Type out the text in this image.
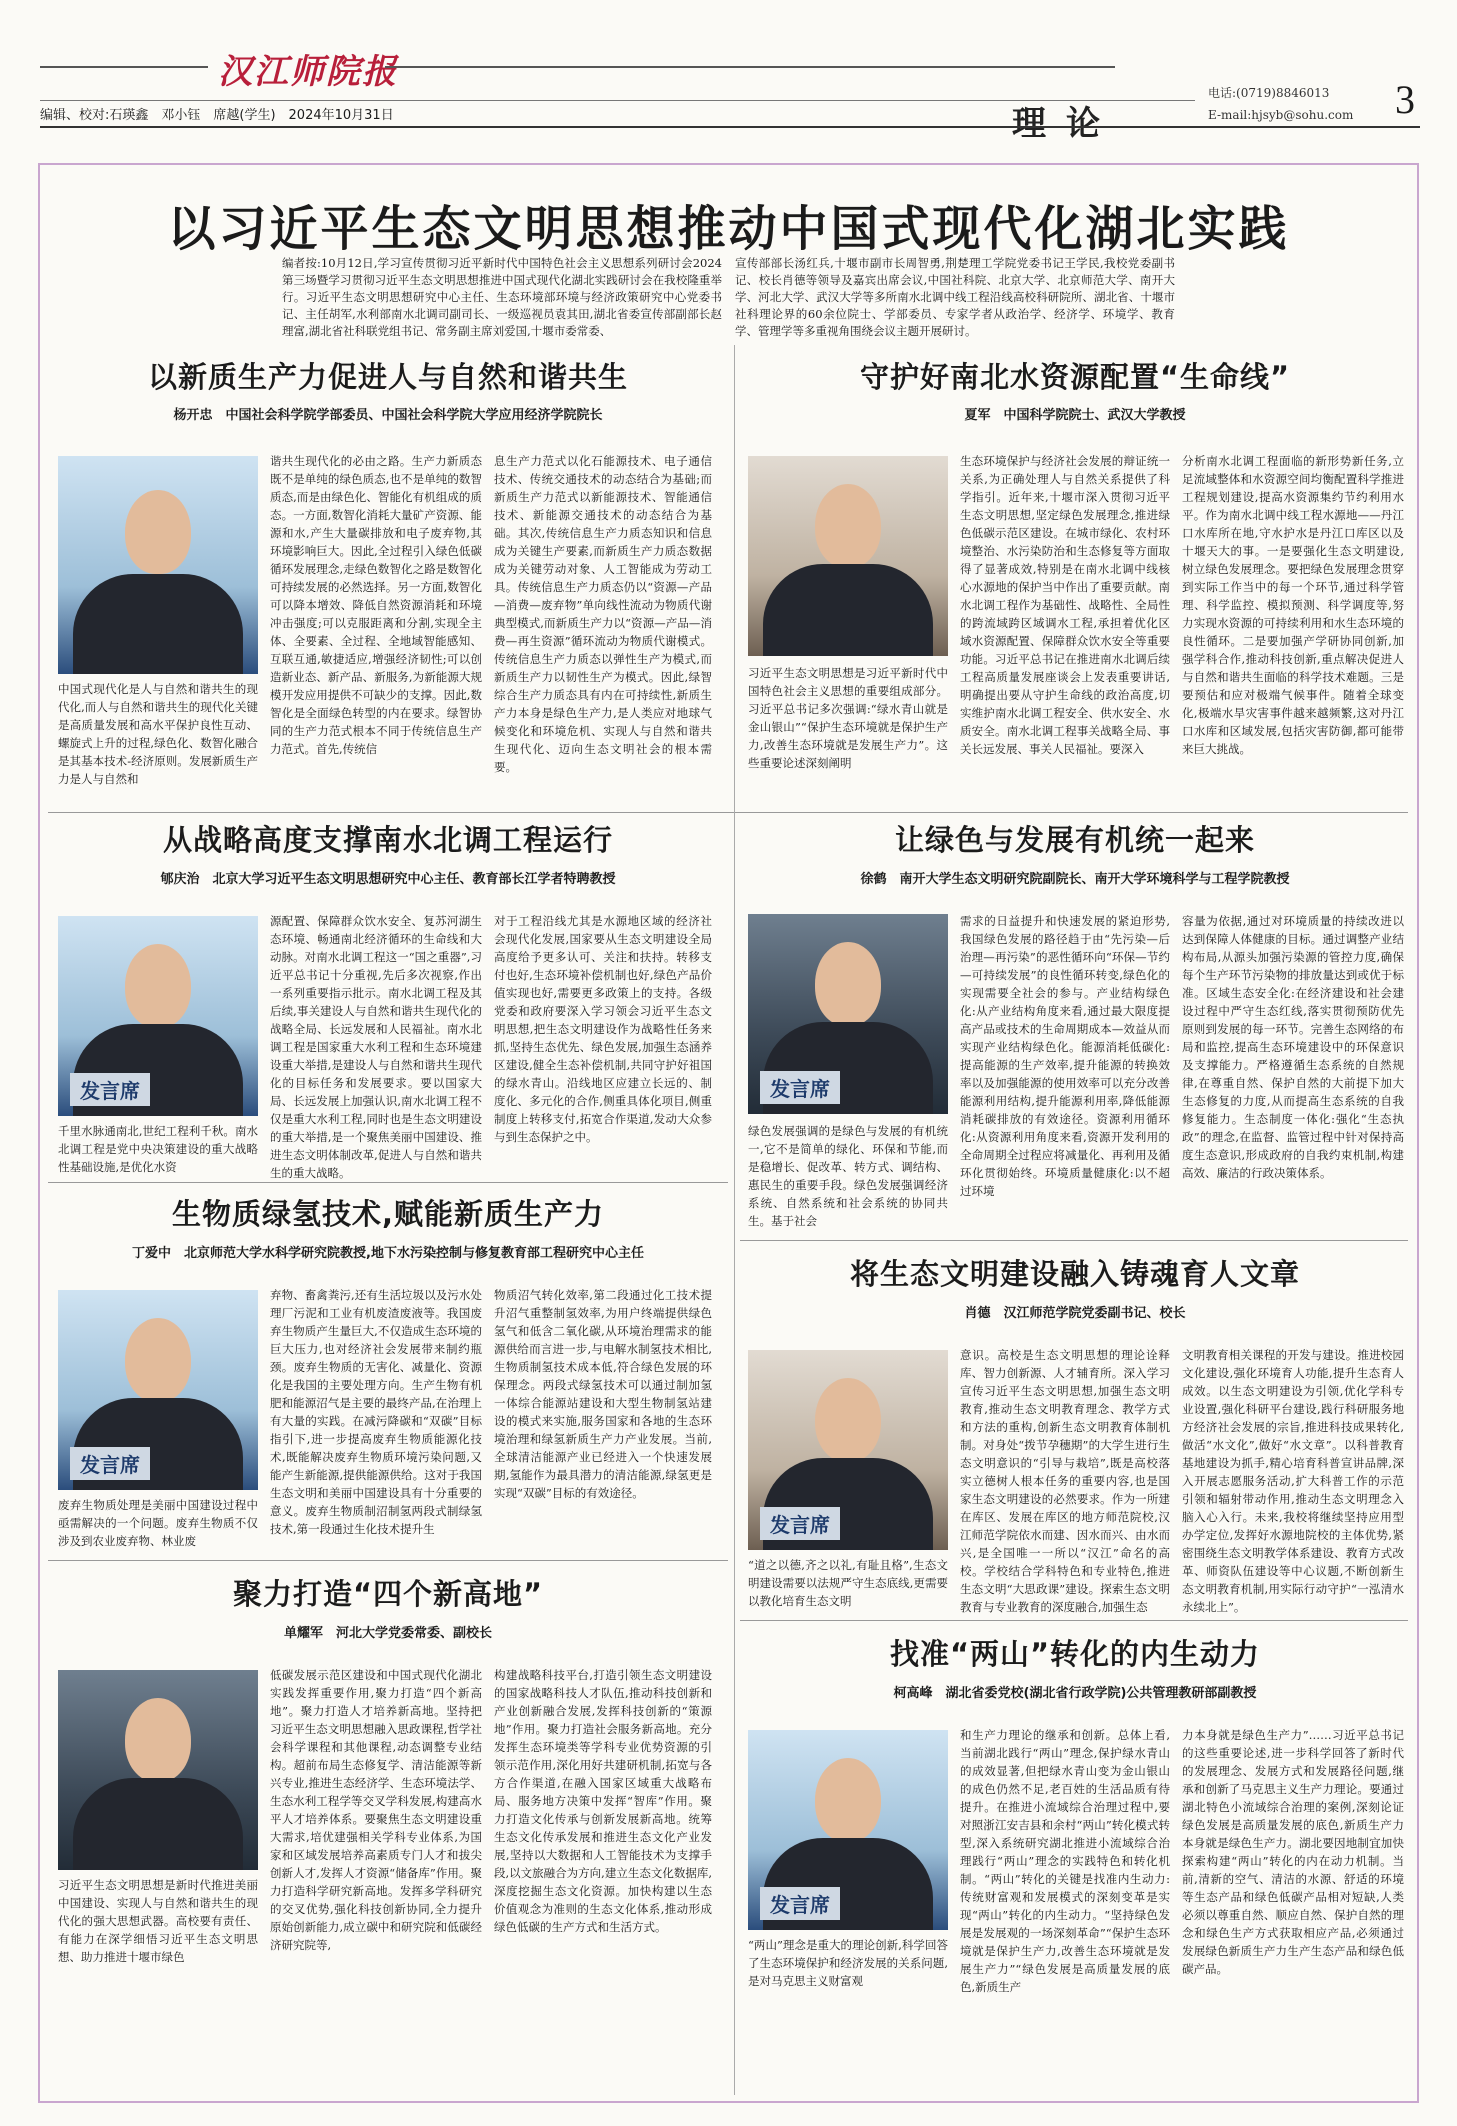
汉江师院报
电话:(0719)8846013
E-mail:hjsyb@sohu.com 3
编辑、校对:石瑛鑫　邓小钰　席越(学生)　2024年10月31日	理论
以习近平生态文明思想推动中国式现代化湖北实践
编者按:10月12日,学习宣传贯彻习近平新时代中国特色社会主义思想系列研讨会2024第三场暨学习贯彻习近平生态文明思想推进中国式现代化湖北实践研讨会在我校隆重举行。习近平生态文明思想研究中心主任、生态环境部环境与经济政策研究中心党委书记、主任胡军,水利部南水北调司副司长、一级巡视员袁其田,湖北省委宣传部副部长赵理富,湖北省社科联党组书记、常务副主席刘爱国,十堰市委常委、
宣传部部长汤红兵,十堰市副市长周智勇,荆楚理工学院党委书记王学民,我校党委副书记、校长肖德等领导及嘉宾出席会议,中国社科院、北京大学、北京师范大学、南开大学、河北大学、武汉大学等多所南水北调中线工程沿线高校科研院所、湖北省、十堰市社科理论界的60余位院士、学部委员、专家学者从政治学、经济学、环境学、教育学、管理学等多重视角围绕会议主题开展研讨。
以新质生产力促进人与自然和谐共生
杨开忠　中国社会科学院学部委员、中国社会科学院大学应用经济学院院长
中国式现代化是人与自然和谐共生的现代化,而人与自然和谐共生的现代化关键是高质量发展和高水平保护良性互动、螺旋式上升的过程,绿色化、数智化融合是其基本技术-经济原则。发展新质生产力是人与自然和
谐共生现代化的必由之路。生产力新质态既不是单纯的绿色质态,也不是单纯的数智质态,而是由绿色化、智能化有机组成的质态。一方面,数智化消耗大量矿产资源、能源和水,产生大量碳排放和电子废弃物,其环境影响巨大。因此,全过程引入绿色低碳循环发展理念,走绿色数智化之路是数智化可持续发展的必然选择。另一方面,数智化可以降本增效、降低自然资源消耗和环境冲击强度;可以克服距离和分割,实现全主体、全要素、全过程、全地域智能感知、互联互通,敏捷适应,增强经济韧性;可以创造新业态、新产品、新服务,为新能源大规模开发应用提供不可缺少的支撑。因此,数智化是全面绿色转型的内在要求。绿智协同的生产力范式根本不同于传统信息生产力范式。首先,传统信
息生产力范式以化石能源技术、电子通信技术、传统交通技术的动态结合为基础;而新质生产力范式以新能源技术、智能通信技术、新能源交通技术的动态结合为基础。其次,传统信息生产力质态知识和信息成为关键生产要素,而新质生产力质态数据成为关键劳动对象、人工智能成为劳动工具。传统信息生产力质态仍以“资源—产品—消费—废弃物”单向线性流动为物质代谢典型模式,而新质生产力以“资源—产品—消费—再生资源”循环流动为物质代谢模式。传统信息生产力质态以弹性生产为模式,而新质生产力以韧性生产为模式。因此,绿智综合生产力质态具有内在可持续性,新质生产力本身是绿色生产力,是人类应对地球气候变化和环境危机、实现人与自然和谐共生现代化、迈向生态文明社会的根本需要。
守护好南北水资源配置“生命线”
夏军　中国科学院院士、武汉大学教授
习近平生态文明思想是习近平新时代中国特色社会主义思想的重要组成部分。习近平总书记多次强调:“绿水青山就是金山银山”“保护生态环境就是保护生产力,改善生态环境就是发展生产力”。这些重要论述深刻阐明
生态环境保护与经济社会发展的辩证统一关系,为正确处理人与自然关系提供了科学指引。近年来,十堰市深入贯彻习近平生态文明思想,坚定绿色发展理念,推进绿色低碳示范区建设。在城市绿化、农村环境整治、水污染防治和生态修复等方面取得了显著成效,特别是在南水北调中线核心水源地的保护当中作出了重要贡献。南水北调工程作为基础性、战略性、全局性的跨流域跨区域调水工程,承担着优化区域水资源配置、保障群众饮水安全等重要功能。习近平总书记在推进南水北调后续工程高质量发展座谈会上发表重要讲话,明确提出要从守护生命线的政治高度,切实维护南水北调工程安全、供水安全、水质安全。南水北调工程事关战略全局、事关长远发展、事关人民福祉。要深入
分析南水北调工程面临的新形势新任务,立足流域整体和水资源空间均衡配置科学推进工程规划建设,提高水资源集约节约利用水平。作为南水北调中线工程水源地——丹江口水库所在地,守水护水是丹江口库区以及十堰天大的事。一是要强化生态文明建设,树立绿色发展理念。要把绿色发展理念贯穿到实际工作当中的每一个环节,通过科学管理、科学监控、模拟预测、科学调度等,努力实现水资源的可持续利用和水生态环境的良性循环。二是要加强产学研协同创新,加强学科合作,推动科技创新,重点解决促进人与自然和谐共生面临的科学技术难题。三是要预估和应对极端气候事件。随着全球变化,极端水旱灾害事件越来越频繁,这对丹江口水库和区域发展,包括灾害防御,都可能带来巨大挑战。
从战略高度支撑南水北调工程运行
郇庆治　北京大学习近平生态文明思想研究中心主任、教育部长江学者特聘教授
发言席
千里水脉通南北,世纪工程利千秋。南水北调工程是党中央决策建设的重大战略性基础设施,是优化水资
源配置、保障群众饮水安全、复苏河湖生态环境、畅通南北经济循环的生命线和大动脉。对南水北调工程这一“国之重器”,习近平总书记十分重视,先后多次视察,作出一系列重要指示批示。南水北调工程及其后续,事关建设人与自然和谐共生现代化的战略全局、长远发展和人民福祉。南水北调工程是国家重大水利工程和生态环境建设重大举措,是建设人与自然和谐共生现代化的目标任务和发展要求。要以国家大局、长远发展上加强认识,南水北调工程不仅是重大水利工程,同时也是生态文明建设的重大举措,是一个聚焦美丽中国建设、推进生态文明体制改革,促进人与自然和谐共生的重大战略。
对于工程沿线尤其是水源地区域的经济社会现代化发展,国家要从生态文明建设全局高度给予更多认可、关注和扶持。转移支付也好,生态环境补偿机制也好,绿色产品价值实现也好,需要更多政策上的支持。各级党委和政府要深入学习领会习近平生态文明思想,把生态文明建设作为战略性任务来抓,坚持生态优先、绿色发展,加强生态涵养区建设,健全生态补偿机制,共同守护好祖国的绿水青山。沿线地区应建立长远的、制度化、多元化的合作,侧重具体化项目,侧重制度上转移支付,拓宽合作渠道,发动大众参与到生态保护之中。
让绿色与发展有机统一起来
徐鹤　南开大学生态文明研究院副院长、南开大学环境科学与工程学院教授
发言席
绿色发展强调的是绿色与发展的有机统一,它不是简单的绿化、环保和节能,而是稳增长、促改革、转方式、调结构、惠民生的重要手段。绿色发展强调经济系统、自然系统和社会系统的协同共生。基于社会
需求的日益提升和快速发展的紧迫形势,我国绿色发展的路径趋于由“先污染—后治理—再污染”的恶性循环向“环保—节约—可持续发展”的良性循环转变,绿色化的实现需要全社会的参与。产业结构绿色化:从产业结构角度来看,通过最大限度提高产品或技术的生命周期成本—效益从而实现产业结构绿色化。能源消耗低碳化:提高能源的生产效率,提升能源的转换效率以及加强能源的使用效率可以充分改善能源利用结构,提升能源利用率,降低能源消耗碳排放的有效途径。资源利用循环化:从资源利用角度来看,资源开发利用的全命周期全过程应将减量化、再利用及循环化贯彻始终。环境质量健康化:以不超过环境
容量为依据,通过对环境质量的持续改进以达到保障人体健康的目标。通过调整产业结构布局,从源头加强污染源的管控力度,确保每个生产环节污染物的排放量达到或优于标准。区域生态安全化:在经济建设和社会建设过程中严守生态红线,落实贯彻预防优先原则到发展的每一环节。完善生态网络的布局和监控,提高生态环境建设中的环保意识及支撑能力。严格遵循生态系统的自然规律,在尊重自然、保护自然的大前提下加大生态修复的力度,从而提高生态系统的自我修复能力。生态制度一体化:强化“生态执政”的理念,在监督、监管过程中针对保持高度生态意识,形成政府的自我约束机制,构建高效、廉洁的行政决策体系。
生物质绿氢技术,赋能新质生产力
丁爱中　北京师范大学水科学研究院教授,地下水污染控制与修复教育部工程研究中心主任
发言席
废弃生物质处理是美丽中国建设过程中亟需解决的一个问题。废弃生物质不仅涉及到农业废弃物、林业废
弃物、畜禽粪污,还有生活垃圾以及污水处理厂污泥和工业有机废渣废液等。我国废弃生物质产生量巨大,不仅造成生态环境的巨大压力,也对经济社会发展带来制约瓶颈。废弃生物质的无害化、减量化、资源化是我国的主要处理方向。生产生物有机肥和能源沼气是主要的最终产品,在治理上有大量的实践。在减污降碳和“双碳”目标指引下,进一步提高废弃生物质能源化技术,既能解决废弃生物质环境污染问题,又能产生新能源,提供能源供给。这对于我国生态文明和美丽中国建设具有十分重要的意义。废弃生物质制沼制氢两段式制绿氢技术,第一段通过生化技术提升生
物质沼气转化效率,第二段通过化工技术提升沼气重整制氢效率,为用户终端提供绿色氢气和低含二氧化碳,从环境治理需求的能源供给而言进一步,与电解水制氢技术相比,生物质制氢技术成本低,符合绿色发展的环保理念。两段式绿氢技术可以通过制加氢一体综合能源站建设和大型生物制氢站建设的模式来实施,服务国家和各地的生态环境治理和绿氢新质生产力产业发展。当前,全球清洁能源产业已经进入一个快速发展期,氢能作为最具潜力的清洁能源,绿氢更是实现“双碳”目标的有效途径。
将生态文明建设融入铸魂育人文章
肖德　汉江师范学院党委副书记、校长
发言席
“道之以德,齐之以礼,有耻且格”,生态文明建设需要以法规严守生态底线,更需要以教化培育生态文明
意识。高校是生态文明思想的理论诠释库、智力创新源、人才辅育所。深入学习宣传习近平生态文明思想,加强生态文明教育,推动生态文明教育理念、教学方式和方法的重构,创新生态文明教育体制机制。对身处“拨节孕穗期”的大学生进行生态文明意识的“引导与栽培”,既是高校落实立德树人根本任务的重要内容,也是国家生态文明建设的必然要求。作为一所建在库区、发展在库区的地方师范院校,汉江师范学院依水而建、因水而兴、由水而兴,是全国唯一一所以“汉江”命名的高校。学校结合学科特色和专业特色,推进生态文明“大思政课”建设。探索生态文明教育与专业教育的深度融合,加强生态
文明教育相关课程的开发与建设。推进校园文化建设,强化环境育人功能,提升生态育人成效。以生态文明建设为引领,优化学科专业设置,强化科研平台建设,践行科研服务地方经济社会发展的宗旨,推进科技成果转化,做活“水文化”,做好“水文章”。以科普教育基地建设为抓手,精心培育科普宣讲品牌,深入开展志愿服务活动,扩大科普工作的示范引领和辐射带动作用,推动生态文明理念入脑入心入行。未来,我校将继续坚持应用型办学定位,发挥好水源地院校的主体优势,紧密围绕生态文明教学体系建设、教育方式改革、师资队伍建设等中心议题,不断创新生态文明教育机制,用实际行动守护“一泓清水永续北上”。
聚力打造“四个新高地”
单耀军　河北大学党委常委、副校长
习近平生态文明思想是新时代推进美丽中国建设、实现人与自然和谐共生的现代化的强大思想武器。高校要有责任、有能力在深学细悟习近平生态文明思想、助力推进十堰市绿色
低碳发展示范区建设和中国式现代化湖北实践发挥重要作用,聚力打造“四个新高地”。聚力打造人才培养新高地。坚持把习近平生态文明思想融入思政课程,哲学社会科学课程和其他课程,动态调整专业结构。超前布局生态修复学、清洁能源等新兴专业,推进生态经济学、生态环境法学、生态水利工程学等交叉学科发展,构建高水平人才培养体系。要聚焦生态文明建设重大需求,培优建强相关学科专业体系,为国家和区域发展培养高素质专门人才和拔尖创新人才,发挥人才资源“储备库”作用。聚力打造科学研究新高地。发挥多学科研究的交叉优势,强化科技创新协同,全力提升原始创新能力,成立碳中和研究院和低碳经济研究院等,
构建战略科技平台,打造引领生态文明建设的国家战略科技人才队伍,推动科技创新和产业创新融合发展,发挥科技创新的“策源地”作用。聚力打造社会服务新高地。充分发挥生态环境类等学科专业优势资源的引领示范作用,深化用好共建研机制,拓宽与各方合作渠道,在融入国家区域重大战略布局、服务地方决策中发挥“智库”作用。聚力打造文化传承与创新发展新高地。统筹生态文化传承发展和推进生态文化产业发展,坚持以大数据和人工智能技术为支撑手段,以文旅融合为方向,建立生态文化数据库,深度挖掘生态文化资源。加快构建以生态价值观念为准则的生态文化体系,推动形成绿色低碳的生产方式和生活方式。
找准“两山”转化的内生动力
柯高峰　湖北省委党校(湖北省行政学院)公共管理教研部副教授
发言席
“两山”理念是重大的理论创新,科学回答了生态环境保护和经济发展的关系问题,是对马克思主义财富观
和生产力理论的继承和创新。总体上看,当前湖北践行“两山”理念,保护绿水青山的成效显著,但把绿水青山变为金山银山的成色仍然不足,老百姓的生活品质有待提升。在推进小流域综合治理过程中,要对照浙江安吉县和余村“两山”转化模式转型,深入系统研究湖北推进小流域综合治理践行“两山”理念的实践特色和转化机制。“两山”转化的关键是找准内生动力:传统财富观和发展模式的深刻变革是实现“两山”转化的内生动力。“坚持绿色发展是发展观的一场深刻革命”“保护生态环境就是保护生产力,改善生态环境就是发展生产力”“绿色发展是高质量发展的底色,新质生产
力本身就是绿色生产力”……习近平总书记的这些重要论述,进一步科学回答了新时代的发展理念、发展方式和发展路径问题,继承和创新了马克思主义生产力理论。要通过湖北特色小流域综合治理的案例,深刻论证绿色发展是高质量发展的底色,新质生产力本身就是绿色生产力。湖北要因地制宜加快探索构建“两山”转化的内在动力机制。当前,清新的空气、清洁的水源、舒适的环境等生态产品和绿色低碳产品相对短缺,人类必须以尊重自然、顺应自然、保护自然的理念和绿色生产方式获取相应产品,必须通过发展绿色新质生产力生产生态产品和绿色低碳产品。
